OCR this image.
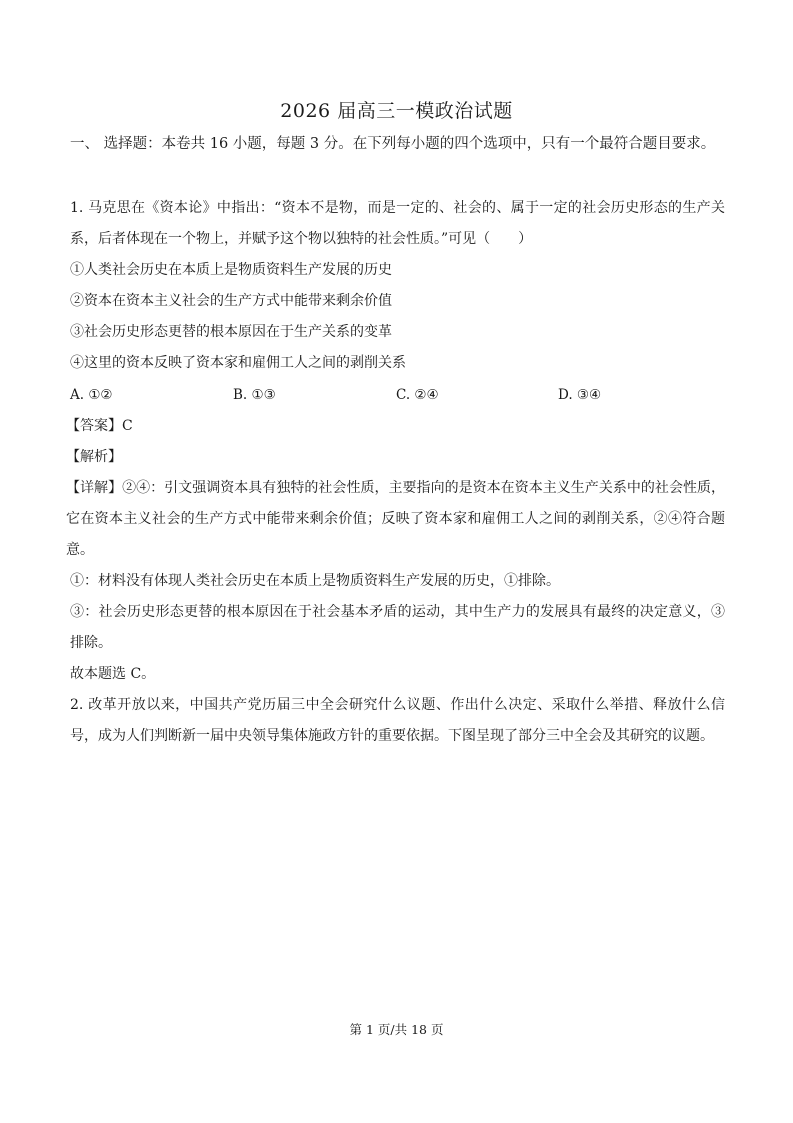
2026 届高三一模政治试题
一、 选择题：本卷共 16 小题，每题 3 分。在下列每小题的四个选项中，只有一个最符合题目要求。
1. 马克思在《资本论》中指出：“资本不是物，而是一定的、社会的、属于一定的社会历史形态的生产关系，后者体现在一个物上，并赋予这个物以独特的社会性质。”可见（　　）
①人类社会历史在本质上是物质资料生产发展的历史
②资本在资本主义社会的生产方式中能带来剩余价值
③社会历史形态更替的根本原因在于生产关系的变革
④这里的资本反映了资本家和雇佣工人之间的剥削关系
A. ①②	B. ①③	C. ②④	D. ③④
【答案】C
【解析】
【详解】②④：引文强调资本具有独特的社会性质，主要指向的是资本在资本主义生产关系中的社会性质，它在资本主义社会的生产方式中能带来剩余价值；反映了资本家和雇佣工人之间的剥削关系，②④符合题意。
①：材料没有体现人类社会历史在本质上是物质资料生产发展的历史，①排除。
③：社会历史形态更替的根本原因在于社会基本矛盾的运动，其中生产力的发展具有最终的决定意义，③排除。
故本题选 C。
2. 改革开放以来，中国共产党历届三中全会研究什么议题、作出什么决定、采取什么举措、释放什么信号，成为人们判断新一届中央领导集体施政方针的重要依据。下图呈现了部分三中全会及其研究的议题。
第 1 页/共 18 页
